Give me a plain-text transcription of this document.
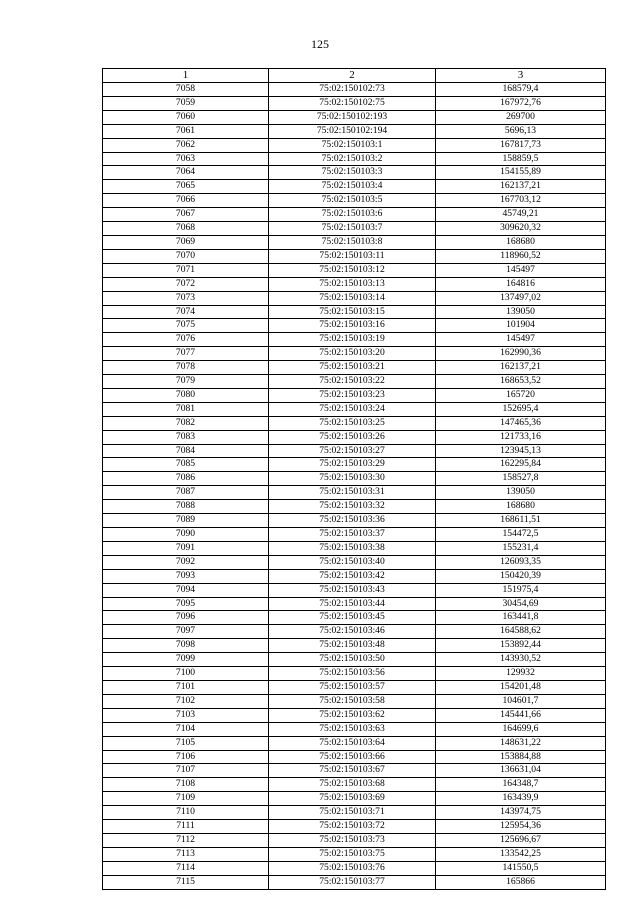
125
1	2	3
7058	75:02:150102:73	168579,4
7059	75:02:150102:75	167972,76
7060	75:02:150102:193	269700
7061	75:02:150102:194	5696,13
7062	75:02:150103:1	167817,73
7063	75:02:150103:2	158859,5
7064	75:02:150103:3	154155,89
7065	75:02:150103:4	162137,21
7066	75:02:150103:5	167703,12
7067	75:02:150103:6	45749,21
7068	75:02:150103:7	309620,32
7069	75:02:150103:8	168680
7070	75:02:150103:11	118960,52
7071	75:02:150103:12	145497
7072	75:02:150103:13	164816
7073	75:02:150103:14	137497,02
7074	75:02:150103:15	139050
7075	75:02:150103:16	101904
7076	75:02:150103:19	145497
7077	75:02:150103:20	162990,36
7078	75:02:150103:21	162137,21
7079	75:02:150103:22	168653,52
7080	75:02:150103:23	165720
7081	75:02:150103:24	152695,4
7082	75:02:150103:25	147465,36
7083	75:02:150103:26	121733,16
7084	75:02:150103:27	123945,13
7085	75:02:150103:29	162295,84
7086	75:02:150103:30	158527,8
7087	75:02:150103:31	139050
7088	75:02:150103:32	168680
7089	75:02:150103:36	168611,51
7090	75:02:150103:37	154472,5
7091	75:02:150103:38	155231,4
7092	75:02:150103:40	126093,35
7093	75:02:150103:42	150420,39
7094	75:02:150103:43	151975,4
7095	75:02:150103:44	30454,69
7096	75:02:150103:45	163441,8
7097	75:02:150103:46	164588,62
7098	75:02:150103:48	153892,44
7099	75:02:150103:50	143930,52
7100	75:02:150103:56	129932
7101	75:02:150103:57	154201,48
7102	75:02:150103:58	104601,7
7103	75:02:150103:62	145441,66
7104	75:02:150103:63	164699,6
7105	75:02:150103:64	148631,22
7106	75:02:150103:66	153884,88
7107	75:02:150103:67	136631,04
7108	75:02:150103:68	164348,7
7109	75:02:150103:69	163439,9
7110	75:02:150103:71	143974,75
7111	75:02:150103:72	125954,36
7112	75:02:150103:73	125696,67
7113	75:02:150103:75	133542,25
7114	75:02:150103:76	141550,5
7115	75:02:150103:77	165866
